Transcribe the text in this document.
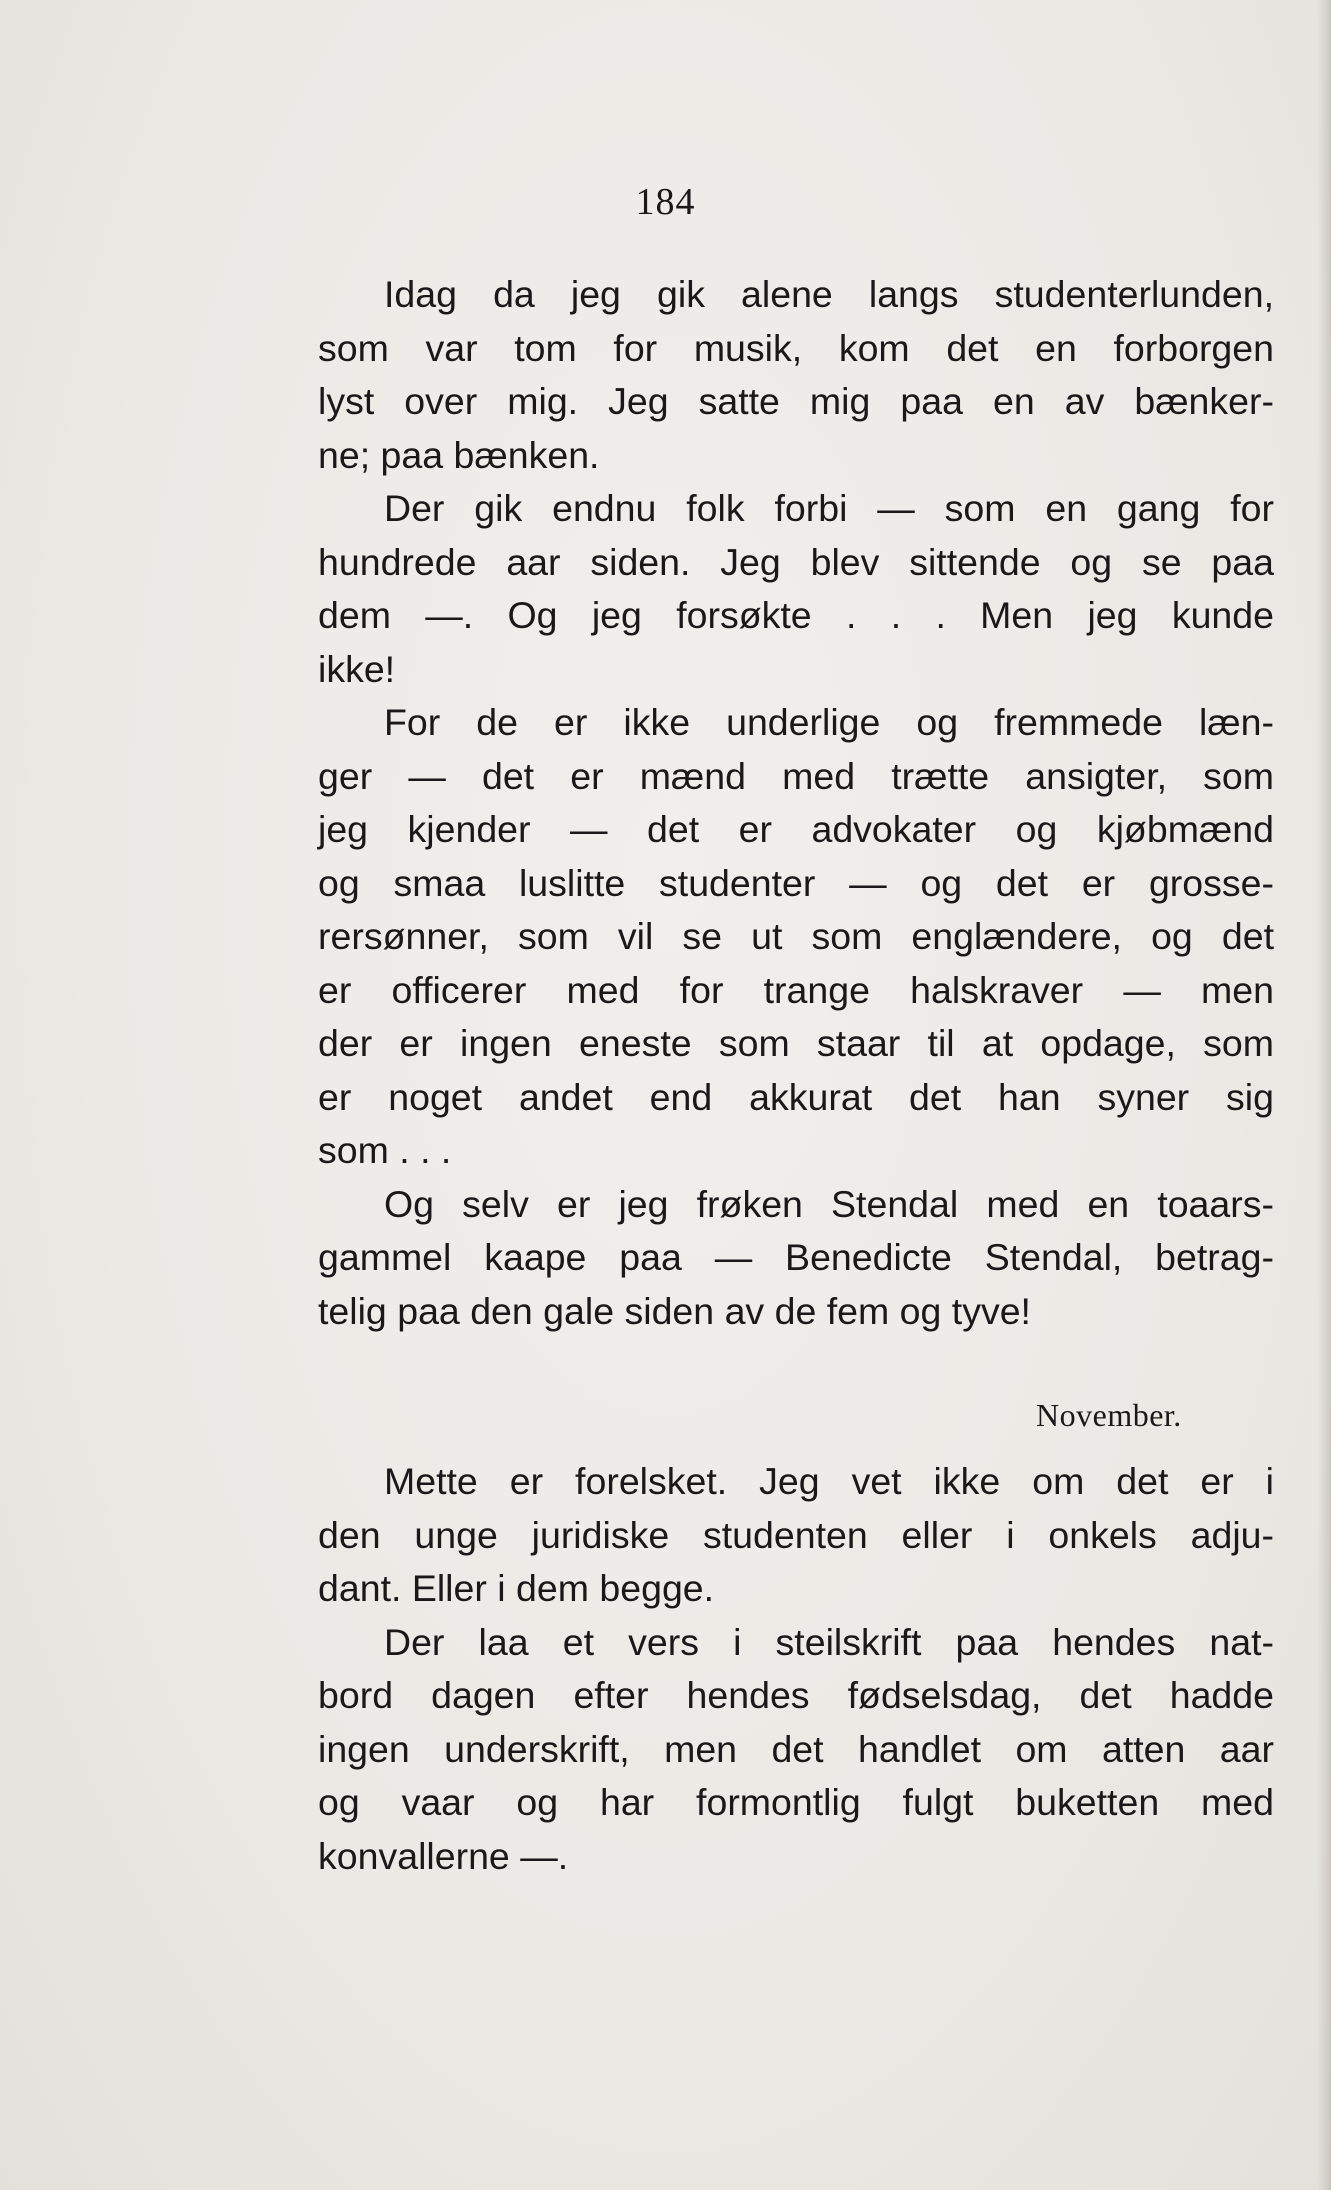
184
Idag da jeg gik alene langs studenterlunden,
som var tom for musik, kom det en forborgen
lyst over mig. Jeg satte mig paa en av bænker-
ne; paa bænken.
Der gik endnu folk forbi — som en gang for
hundrede aar siden. Jeg blev sittende og se paa
dem —. Og jeg forsøkte . . . Men jeg kunde
ikke!
For de er ikke underlige og fremmede læn-
ger — det er mænd med trætte ansigter, som
jeg kjender — det er advokater og kjøbmænd
og smaa luslitte studenter — og det er grosse-
rersønner, som vil se ut som englændere, og det
er officerer med for trange halskraver — men
der er ingen eneste som staar til at opdage, som
er noget andet end akkurat det han syner sig
som . . .
Og selv er jeg frøken Stendal med en toaars-
gammel kaape paa — Benedicte Stendal, betrag-
telig paa den gale siden av de fem og tyve!
November.
Mette er forelsket. Jeg vet ikke om det er i
den unge juridiske studenten eller i onkels adju-
dant. Eller i dem begge.
Der laa et vers i steilskrift paa hendes nat-
bord dagen efter hendes fødselsdag, det hadde
ingen underskrift, men det handlet om atten aar
og vaar og har formontlig fulgt buketten med
konvallerne —.
